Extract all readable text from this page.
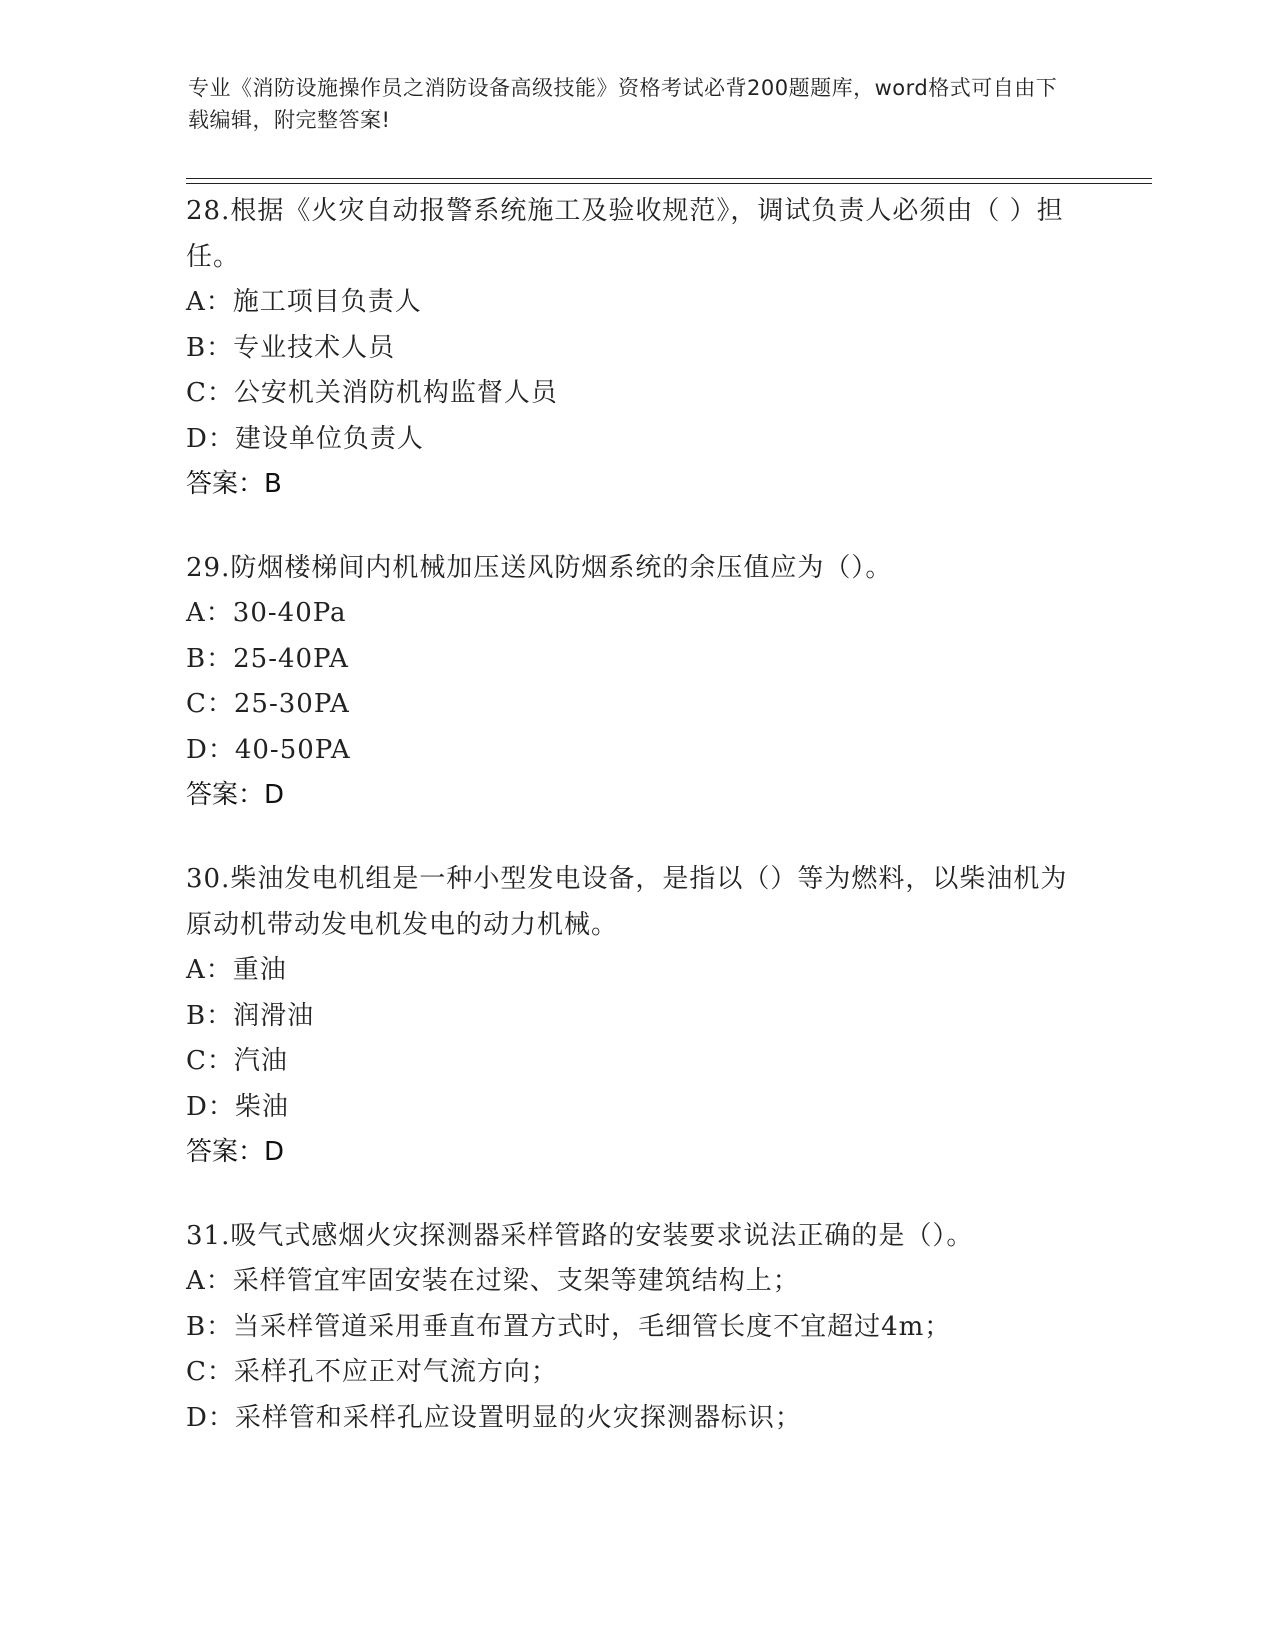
专业《消防设施操作员之消防设备高级技能》资格考试必背200题题库，word格式可自由下载编辑，附完整答案!
28.根据《火灾自动报警系统施工及验收规范》，调试负责人必须由（ ）担任。
A：施工项目负责人
B：专业技术人员
C：公安机关消防机构监督人员
D：建设单位负责人
答案：B
29.防烟楼梯间内机械加压送风防烟系统的余压值应为（）。
A：30-40Pa
B：25-40PA
C：25-30PA
D：40-50PA
答案：D
30.柴油发电机组是一种小型发电设备，是指以（）等为燃料，以柴油机为原动机带动发电机发电的动力机械。
A：重油
B：润滑油
C：汽油
D：柴油
答案：D
31.吸气式感烟火灾探测器采样管路的安装要求说法正确的是（）。
A：采样管宜牢固安装在过梁、支架等建筑结构上；
B：当采样管道采用垂直布置方式时，毛细管长度不宜超过4m；
C：采样孔不应正对气流方向；
D：采样管和采样孔应设置明显的火灾探测器标识；
